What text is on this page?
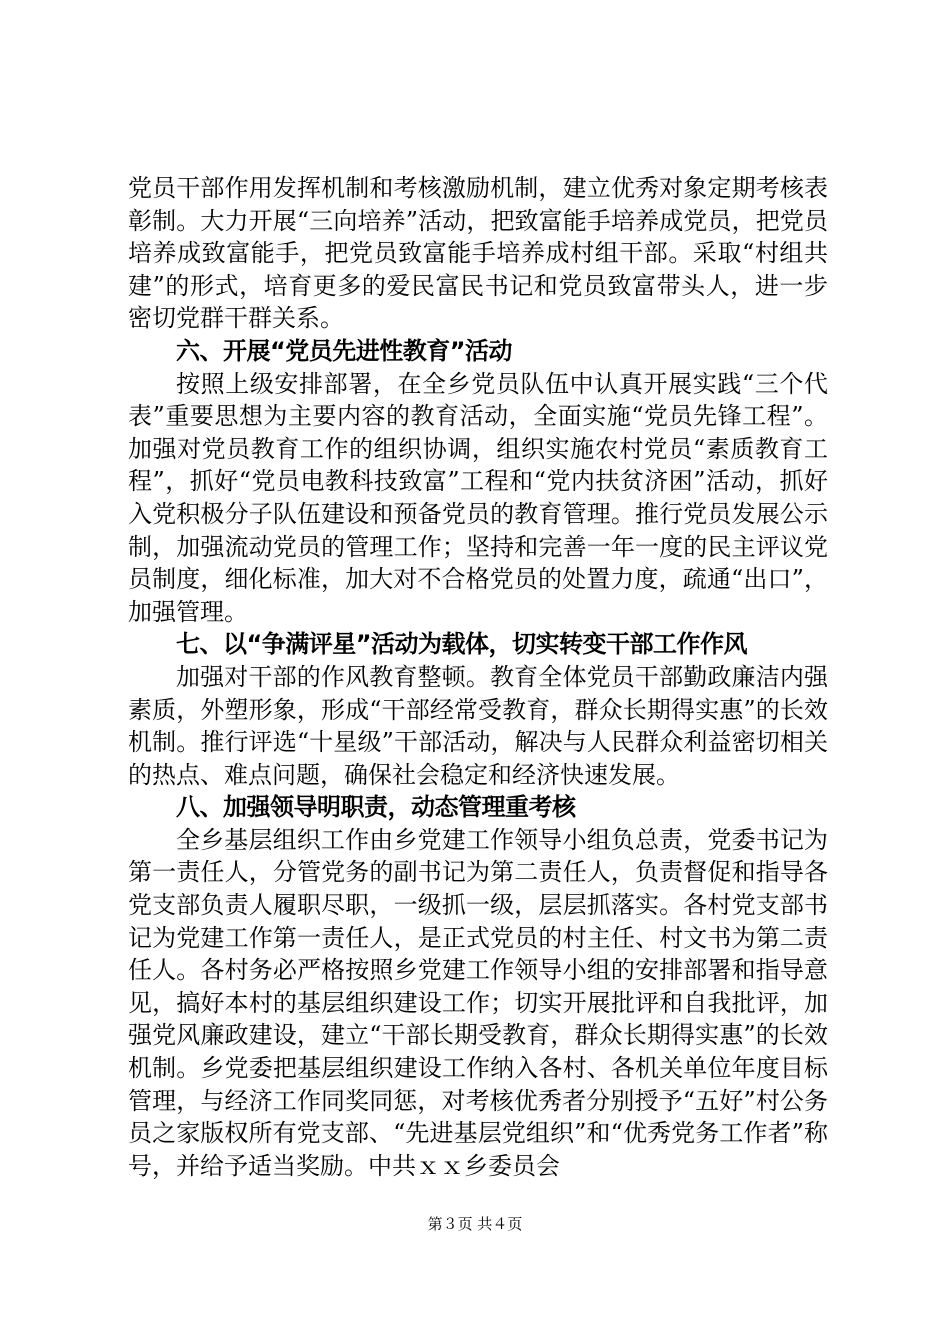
党员干部作用发挥机制和考核激励机制，建立优秀对象定期考核表彰制。大力开展“三向培养”活动，把致富能手培养成党员，把党员培养成致富能手，把党员致富能手培养成村组干部。采取“村组共建”的形式，培育更多的爱民富民书记和党员致富带头人，进一步密切党群干群关系。

六、开展“党员先进性教育”活动

按照上级安排部署，在全乡党员队伍中认真开展实践“三个代表”重要思想为主要内容的教育活动，全面实施“党员先锋工程”。加强对党员教育工作的组织协调，组织实施农村党员“素质教育工程”，抓好“党员电教科技致富”工程和“党内扶贫济困”活动，抓好入党积极分子队伍建设和预备党员的教育管理。推行党员发展公示制，加强流动党员的管理工作；坚持和完善一年一度的民主评议党员制度，细化标准，加大对不合格党员的处置力度，疏通“出口”，加强管理。

七、以“争满评星”活动为载体，切实转变干部工作作风

加强对干部的作风教育整顿。教育全体党员干部勤政廉洁内强素质，外塑形象，形成“干部经常受教育，群众长期得实惠”的长效机制。推行评选“十星级”干部活动，解决与人民群众利益密切相关的热点、难点问题，确保社会稳定和经济快速发展。

八、加强领导明职责，动态管理重考核

全乡基层组织工作由乡党建工作领导小组负总责，党委书记为第一责任人，分管党务的副书记为第二责任人，负责督促和指导各党支部负责人履职尽职，一级抓一级，层层抓落实。各村党支部书记为党建工作第一责任人，是正式党员的村主任、村文书为第二责任人。各村务必严格按照乡党建工作领导小组的安排部署和指导意见，搞好本村的基层组织建设工作；切实开展批评和自我批评，加强党风廉政建设，建立“干部长期受教育，群众长期得实惠”的长效机制。乡党委把基层组织建设工作纳入各村、各机关单位年度目标管理，与经济工作同奖同惩，对考核优秀者分别授予“五好”村公务员之家版权所有党支部、“先进基层党组织”和“优秀党务工作者”称号，并给予适当奖励。中共ｘｘ乡委员会

第３页 共４页
